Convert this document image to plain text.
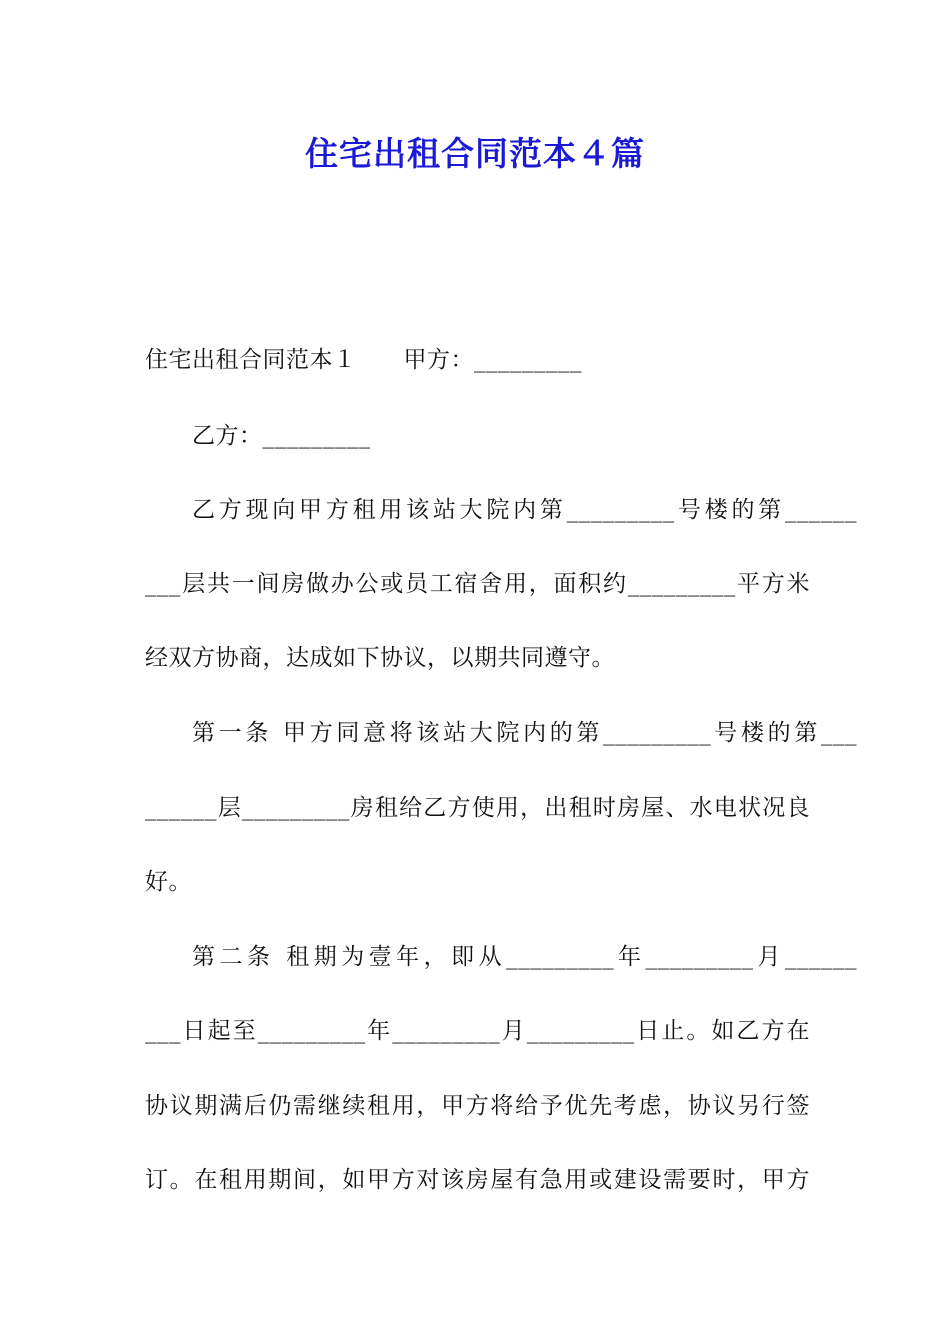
住宅出租合同范本４篇
住宅出租合同范本１　　甲方：_________
乙方：_________
乙方现向甲方租用该站大院内第_________号楼的第______
___层共一间房做办公或员工宿舍用，面积约_________平方米
经双方协商，达成如下协议，以期共同遵守。
第一条 甲方同意将该站大院内的第_________号楼的第___
______层_________房租给乙方使用，出租时房屋、水电状况良
好。
第二条 租期为壹年，即从_________年_________月______
___日起至_________年_________月_________日止。如乙方在
协议期满后仍需继续租用，甲方将给予优先考虑，协议另行签
订。在租用期间，如甲方对该房屋有急用或建设需要时，甲方
